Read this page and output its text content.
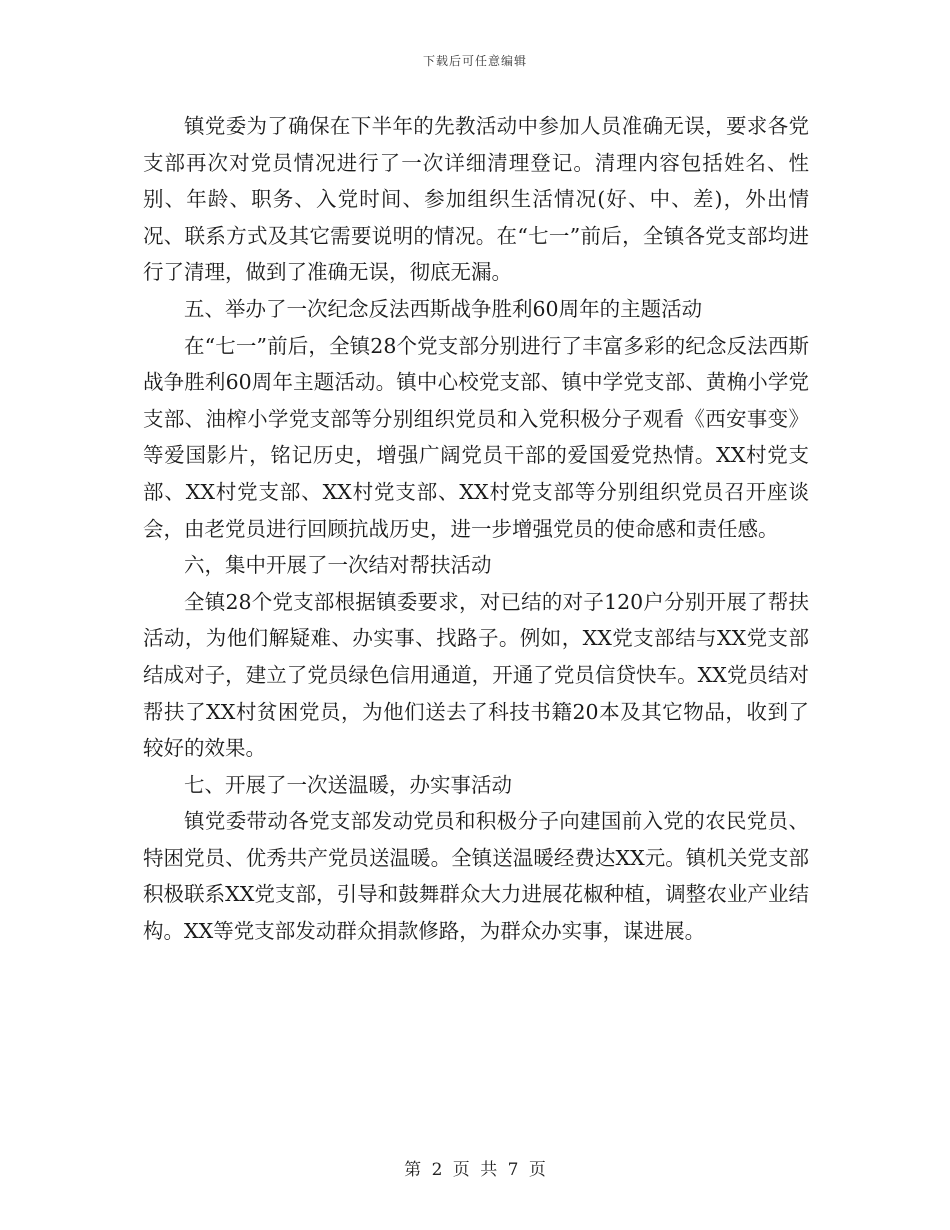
下载后可任意编辑

镇党委为了确保在下半年的先教活动中参加人员准确无误，要求各党支部再次对党员情况进行了一次详细清理登记。清理内容包括姓名、性别、年龄、职务、入党时间、参加组织生活情况(好、中、差)，外出情况、联系方式及其它需要说明的情况。在“七一”前后，全镇各党支部均进行了清理，做到了准确无误，彻底无漏。

五、举办了一次纪念反法西斯战争胜利60周年的主题活动

在“七一”前后，全镇28个党支部分别进行了丰富多彩的纪念反法西斯战争胜利60周年主题活动。镇中心校党支部、镇中学党支部、黄桷小学党支部、油榨小学党支部等分别组织党员和入党积极分子观看《西安事变》等爱国影片，铭记历史，增强广阔党员干部的爱国爱党热情。XX村党支部、XX村党支部、XX村党支部、XX村党支部等分别组织党员召开座谈会，由老党员进行回顾抗战历史，进一步增强党员的使命感和责任感。

六，集中开展了一次结对帮扶活动

全镇28个党支部根据镇委要求，对已结的对子120户分别开展了帮扶活动，为他们解疑难、办实事、找路子。例如，XX党支部结与XX党支部结成对子，建立了党员绿色信用通道，开通了党员信贷快车。XX党员结对帮扶了XX村贫困党员，为他们送去了科技书籍20本及其它物品，收到了较好的效果。

七、开展了一次送温暖，办实事活动

镇党委带动各党支部发动党员和积极分子向建国前入党的农民党员、特困党员、优秀共产党员送温暖。全镇送温暖经费达XX元。镇机关党支部积极联系XX党支部，引导和鼓舞群众大力进展花椒种植，调整农业产业结构。XX等党支部发动群众捐款修路，为群众办实事，谋进展。

第 2 页 共 7 页
